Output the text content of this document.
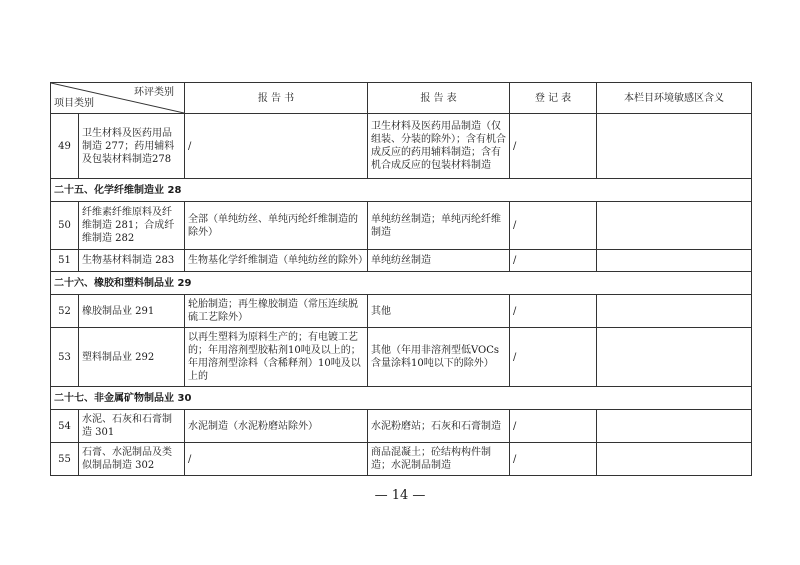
环评类别
项目类别		报 告 书	报 告 表	登 记 表	本栏目环境敏感区含义
49	卫生材料及医药用品制造 277；药用辅料及包装材料制造278	/	卫生材料及医药用品制造（仅组装、分装的除外）；含有机合成反应的药用辅料制造；含有机合成反应的包装材料制造	/	
二十五、化学纤维制造业 28					
50	纤维素纤维原料及纤维制造 281；合成纤维制造 282	全部（单纯纺丝、单纯丙纶纤维制造的除外）	单纯纺丝制造；单纯丙纶纤维制造	/	
51	生物基材料制造 283	生物基化学纤维制造（单纯纺丝的除外）	单纯纺丝制造	/	
二十六、橡胶和塑料制品业 29					
52	橡胶制品业 291	轮胎制造；再生橡胶制造（常压连续脱硫工艺除外）	其他	/	
53	塑料制品业 292	以再生塑料为原料生产的；有电镀工艺的；年用溶剂型胶粘剂10吨及以上的；年用溶剂型涂料（含稀释剂）10吨及以上的	其他（年用非溶剂型低VOCs含量涂料10吨以下的除外）	/	
二十七、非金属矿物制品业 30					
54	水泥、石灰和石膏制造 301	水泥制造（水泥粉磨站除外）	水泥粉磨站；石灰和石膏制造	/	
55	石膏、水泥制品及类似制品制造 302	/	商品混凝土；砼结构构件制造；水泥制品制造	/	
— 14 —
